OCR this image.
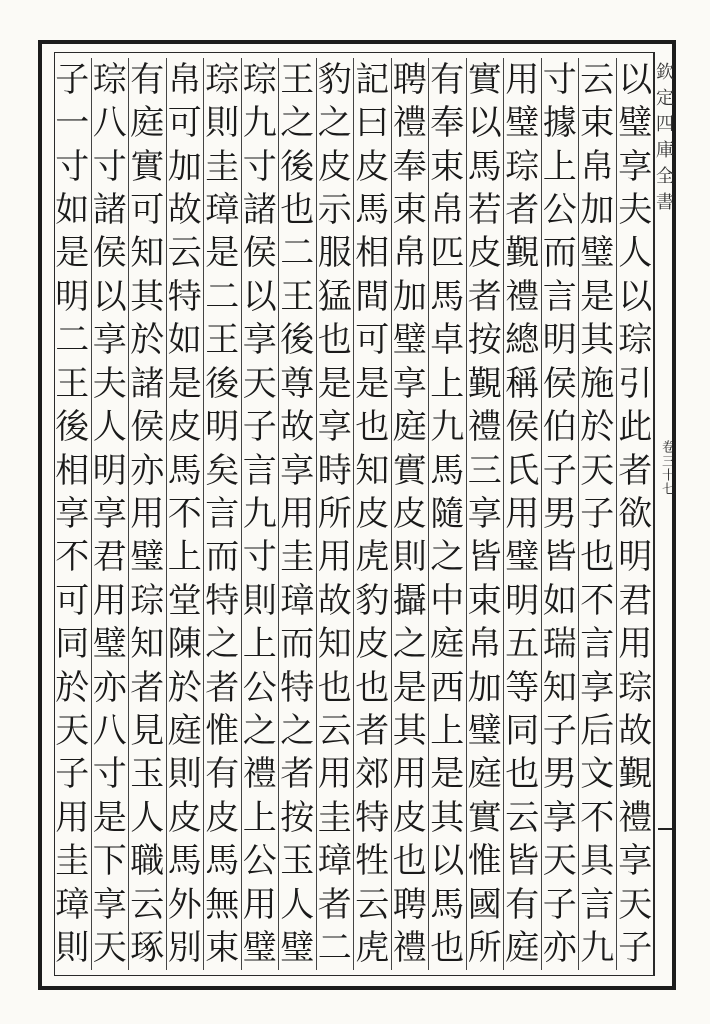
欽定四庫全書
卷三十七
以
璧
享
夫
人
以
琮
引
此
者
欲
明
君
用
琮
故
覲
禮
享
天
子
云
束
帛
加
璧
是
其
施
於
天
子
也
不
言
享
后
文
不
具
言
九
寸
據
上
公
而
言
明
侯
伯
子
男
皆
如
瑞
知
子
男
享
天
子
亦
用
璧
琮
者
覲
禮
總
稱
侯
氏
用
璧
明
五
等
同
也
云
皆
有
庭
實
以
馬
若
皮
者
按
覲
禮
三
享
皆
束
帛
加
璧
庭
實
惟
國
所
有
奉
束
帛
匹
馬
卓
上
九
馬
隨
之
中
庭
西
上
是
其
以
馬
也
聘
禮
奉
束
帛
加
璧
享
庭
實
皮
則
攝
之
是
其
用
皮
也
聘
禮
記
曰
皮
馬
相
間
可
是
也
知
皮
虎
豹
皮
也
者
郊
特
牲
云
虎
豹
之
皮
示
服
猛
也
是
享
時
所
用
故
知
也
云
用
圭
璋
者
二
王
之
後
也
二
王
後
尊
故
享
用
圭
璋
而
特
之
者
按
玉
人
璧
琮
九
寸
諸
侯
以
享
天
子
言
九
寸
則
上
公
之
禮
上
公
用
璧
琮
則
圭
璋
是
二
王
後
明
矣
言
而
特
之
者
惟
有
皮
馬
無
束
帛
可
加
故
云
特
如
是
皮
馬
不
上
堂
陳
於
庭
則
皮
馬
外
別
有
庭
實
可
知
其
於
諸
侯
亦
用
璧
琮
知
者
見
玉
人
職
云
琢
琮
八
寸
諸
侯
以
享
夫
人
明
享
君
用
璧
亦
八
寸
是
下
享
天
子
一
寸
如
是
明
二
王
後
相
享
不
可
同
於
天
子
用
圭
璋
則
